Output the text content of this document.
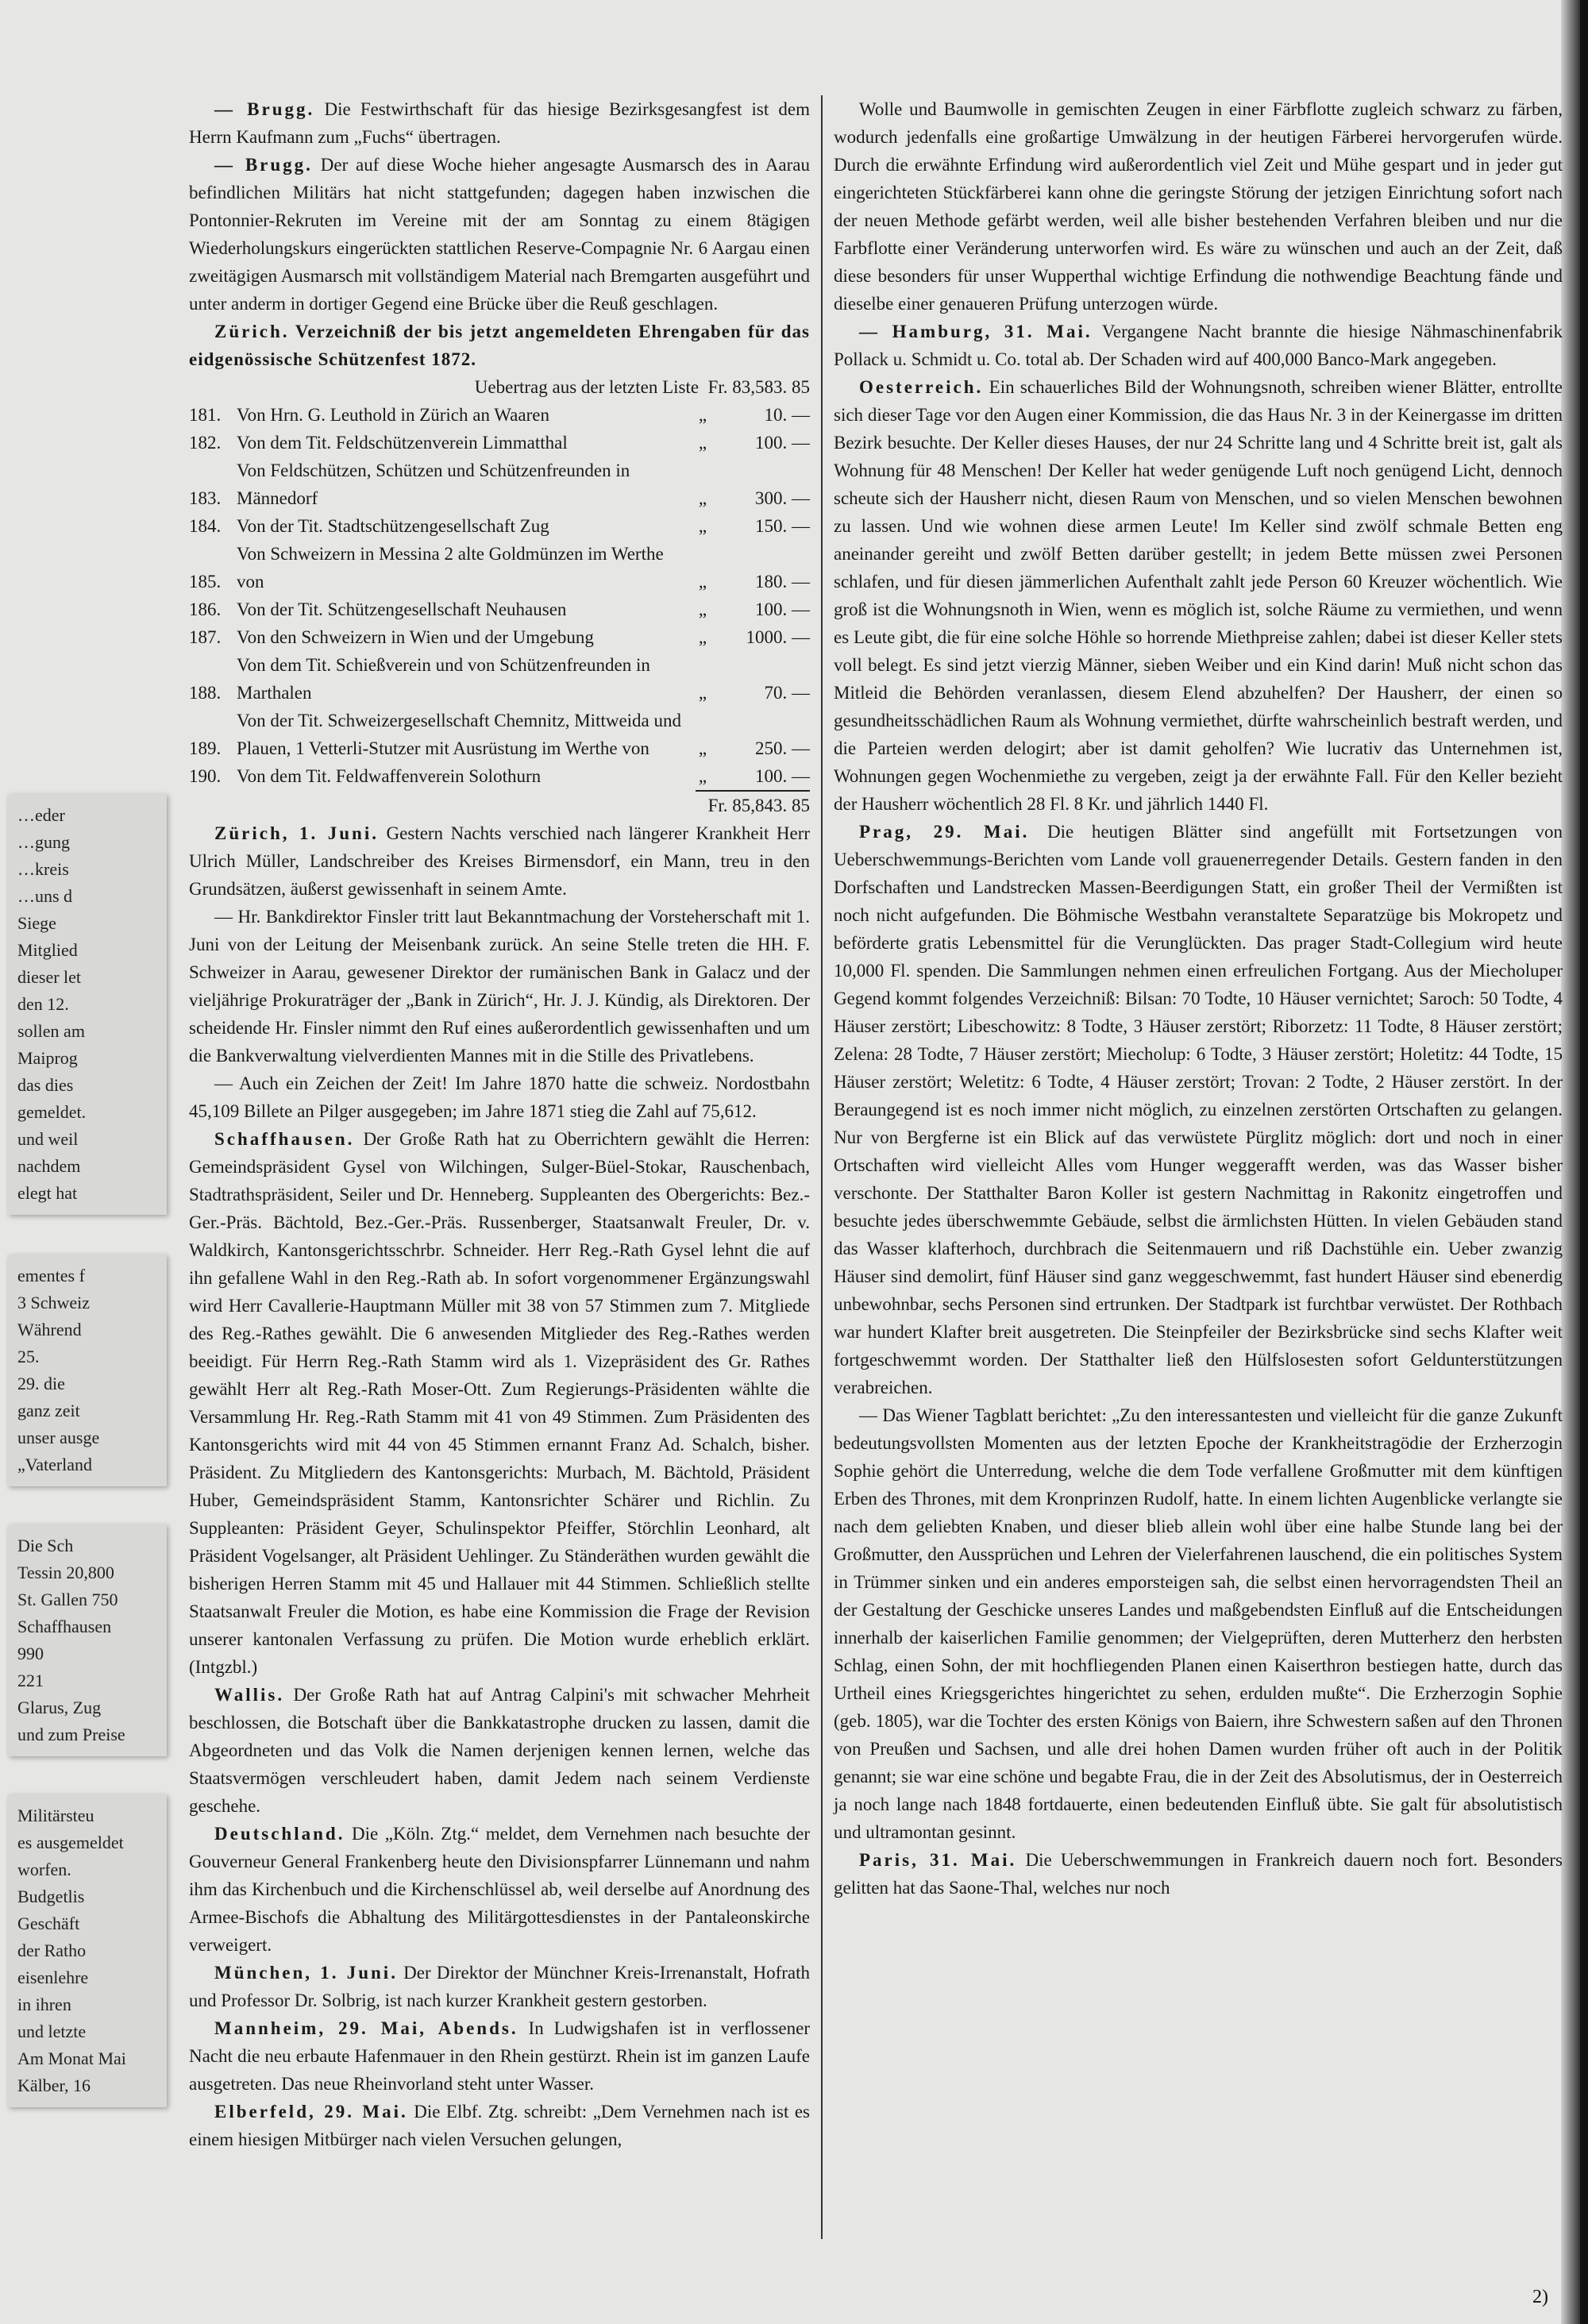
— Brugg. Die Festwirthschaft für das hiesige Bezirksgesangfest ist dem Herrn Kaufmann zum „Fuchs“ übertragen.

— Brugg. Der auf diese Woche hieher angesagte Ausmarsch des in Aarau befindlichen Militärs hat nicht stattgefunden; dagegen haben inzwischen die Pontonnier-Rekruten im Vereine mit der am Sonntag zu einem 8tägigen Wiederholungskurs eingerückten stattlichen Reserve-Compagnie Nr. 6 Aargau einen zweitägigen Ausmarsch mit vollständigem Material nach Bremgarten ausgeführt und unter anderm in dortiger Gegend eine Brücke über die Reuß geschlagen.

Zürich. Verzeichniß der bis jetzt angemeldeten Ehrengaben für das eidgenössische Schützenfest 1872.

Uebertrag aus der letzten Liste Fr. 83,583. 85
181. Von Hrn. G. Leuthold in Zürich an Waaren	„	10. —
182. Von dem Tit. Feldschützenverein Limmatthal	„	100. —
183.
Von Feldschützen, Schützen und Schützenfreunden in Männedorf	„	300. —
184. Von der Tit. Stadtschützengesellschaft Zug	„	150. —
185.
Von Schweizern in Messina 2 alte Goldmünzen im Werthe von	„	180. —
186. Von der Tit. Schützengesellschaft Neuhausen	„	100. —
187. Von den Schweizern in Wien und der Umgebung	„	1000. —
188.
Von dem Tit. Schießverein und von Schützenfreunden in Marthalen	„	70. —
189.
Von der Tit. Schweizergesellschaft Chemnitz, Mittweida und Plauen, 1 Vetterli-Stutzer mit Ausrüstung im Werthe von	„	250. —
190. Von dem Tit. Feldwaffenverein Solothurn	„	100. —
Fr. 85,843. 85

Zürich, 1. Juni. Gestern Nachts verschied nach längerer Krankheit Herr Ulrich Müller, Landschreiber des Kreises Birmensdorf, ein Mann, treu in den Grundsätzen, äußerst gewissenhaft in seinem Amte.

— Hr. Bankdirektor Finsler tritt laut Bekanntmachung der Vorsteherschaft mit 1. Juni von der Leitung der Meisenbank zurück. An seine Stelle treten die HH. F. Schweizer in Aarau, gewesener Direktor der rumänischen Bank in Galacz und der vieljährige Prokuraträger der „Bank in Zürich“, Hr. J. J. Kündig, als Direktoren. Der scheidende Hr. Finsler nimmt den Ruf eines außerordentlich gewissenhaften und um die Bankverwaltung vielverdienten Mannes mit in die Stille des Privatlebens.

— Auch ein Zeichen der Zeit! Im Jahre 1870 hatte die schweiz. Nordostbahn 45,109 Billete an Pilger ausgegeben; im Jahre 1871 stieg die Zahl auf 75,612.

Schaffhausen. Der Große Rath hat zu Oberrichtern gewählt die Herren: Gemeindspräsident Gysel von Wilchingen, Sulger-Büel-Stokar, Rauschenbach, Stadtrathspräsident, Seiler und Dr. Henneberg. Suppleanten des Obergerichts: Bez.-Ger.-Präs. Bächtold, Bez.-Ger.-Präs. Russenberger, Staatsanwalt Freuler, Dr. v. Waldkirch, Kantonsgerichtsschrbr. Schneider. Herr Reg.-Rath Gysel lehnt die auf ihn gefallene Wahl in den Reg.-Rath ab. In sofort vorgenommener Ergänzungswahl wird Herr Cavallerie-Hauptmann Müller mit 38 von 57 Stimmen zum 7. Mitgliede des Reg.-Rathes gewählt. Die 6 anwesenden Mitglieder des Reg.-Rathes werden beeidigt. Für Herrn Reg.-Rath Stamm wird als 1. Vizepräsident des Gr. Rathes gewählt Herr alt Reg.-Rath Moser-Ott. Zum Regierungs-Präsidenten wählte die Versammlung Hr. Reg.-Rath Stamm mit 41 von 49 Stimmen. Zum Präsidenten des Kantonsgerichts wird mit 44 von 45 Stimmen ernannt Franz Ad. Schalch, bisher. Präsident. Zu Mitgliedern des Kantonsgerichts: Murbach, M. Bächtold, Präsident Huber, Gemeindspräsident Stamm, Kantonsrichter Schärer und Richlin. Zu Suppleanten: Präsident Geyer, Schulinspektor Pfeiffer, Störchlin Leonhard, alt Präsident Vogelsanger, alt Präsident Uehlinger. Zu Ständeräthen wurden gewählt die bisherigen Herren Stamm mit 45 und Hallauer mit 44 Stimmen. Schließlich stellte Staatsanwalt Freuler die Motion, es habe eine Kommission die Frage der Revision unserer kantonalen Verfassung zu prüfen. Die Motion wurde erheblich erklärt. (Intgzbl.)

Wallis. Der Große Rath hat auf Antrag Calpini's mit schwacher Mehrheit beschlossen, die Botschaft über die Bankkatastrophe drucken zu lassen, damit die Abgeordneten und das Volk die Namen derjenigen kennen lernen, welche das Staatsvermögen verschleudert haben, damit Jedem nach seinem Verdienste geschehe.

Deutschland. Die „Köln. Ztg.“ meldet, dem Vernehmen nach besuchte der Gouverneur General Frankenberg heute den Divisionspfarrer Lünnemann und nahm ihm das Kirchenbuch und die Kirchenschlüssel ab, weil derselbe auf Anordnung des Armee-Bischofs die Abhaltung des Militärgottesdienstes in der Pantaleonskirche verweigert.

München, 1. Juni. Der Direktor der Münchner Kreis-Irrenanstalt, Hofrath und Professor Dr. Solbrig, ist nach kurzer Krankheit gestern gestorben.

Mannheim, 29. Mai, Abends. In Ludwigshafen ist in verflossener Nacht die neu erbaute Hafenmauer in den Rhein gestürzt. Rhein ist im ganzen Laufe ausgetreten. Das neue Rheinvorland steht unter Wasser.

Elberfeld, 29. Mai. Die Elbf. Ztg. schreibt: „Dem Vernehmen nach ist es einem hiesigen Mitbürger nach vielen Versuchen gelungen,

Wolle und Baumwolle in gemischten Zeugen in einer Färbflotte zugleich schwarz zu färben, wodurch jedenfalls eine großartige Umwälzung in der heutigen Färberei hervorgerufen würde. Durch die erwähnte Erfindung wird außerordentlich viel Zeit und Mühe gespart und in jeder gut eingerichteten Stückfärberei kann ohne die geringste Störung der jetzigen Einrichtung sofort nach der neuen Methode gefärbt werden, weil alle bisher bestehenden Verfahren bleiben und nur die Farbflotte einer Veränderung unterworfen wird. Es wäre zu wünschen und auch an der Zeit, daß diese besonders für unser Wupperthal wichtige Erfindung die nothwendige Beachtung fände und dieselbe einer genaueren Prüfung unterzogen würde.

— Hamburg, 31. Mai. Vergangene Nacht brannte die hiesige Nähmaschinenfabrik Pollack u. Schmidt u. Co. total ab. Der Schaden wird auf 400,000 Banco-Mark angegeben.

Oesterreich. Ein schauerliches Bild der Wohnungsnoth, schreiben wiener Blätter, entrollte sich dieser Tage vor den Augen einer Kommission, die das Haus Nr. 3 in der Keinergasse im dritten Bezirk besuchte. Der Keller dieses Hauses, der nur 24 Schritte lang und 4 Schritte breit ist, galt als Wohnung für 48 Menschen! Der Keller hat weder genügende Luft noch genügend Licht, dennoch scheute sich der Hausherr nicht, diesen Raum von Menschen, und so vielen Menschen bewohnen zu lassen. Und wie wohnen diese armen Leute! Im Keller sind zwölf schmale Betten eng aneinander gereiht und zwölf Betten darüber gestellt; in jedem Bette müssen zwei Personen schlafen, und für diesen jämmerlichen Aufenthalt zahlt jede Person 60 Kreuzer wöchentlich. Wie groß ist die Wohnungsnoth in Wien, wenn es möglich ist, solche Räume zu vermiethen, und wenn es Leute gibt, die für eine solche Höhle so horrende Miethpreise zahlen; dabei ist dieser Keller stets voll belegt. Es sind jetzt vierzig Männer, sieben Weiber und ein Kind darin! Muß nicht schon das Mitleid die Behörden veranlassen, diesem Elend abzuhelfen? Der Hausherr, der einen so gesundheitsschädlichen Raum als Wohnung vermiethet, dürfte wahrscheinlich bestraft werden, und die Parteien werden delogirt; aber ist damit geholfen? Wie lucrativ das Unternehmen ist, Wohnungen gegen Wochenmiethe zu vergeben, zeigt ja der erwähnte Fall. Für den Keller bezieht der Hausherr wöchentlich 28 Fl. 8 Kr. und jährlich 1440 Fl.

Prag, 29. Mai. Die heutigen Blätter sind angefüllt mit Fortsetzungen von Ueberschwemmungs-Berichten vom Lande voll grauenerregender Details. Gestern fanden in den Dorfschaften und Landstrecken Massen-Beerdigungen Statt, ein großer Theil der Vermißten ist noch nicht aufgefunden. Die Böhmische Westbahn veranstaltete Separatzüge bis Mokropetz und beförderte gratis Lebensmittel für die Verunglückten. Das prager Stadt-Collegium wird heute 10,000 Fl. spenden. Die Sammlungen nehmen einen erfreulichen Fortgang. Aus der Miecholuper Gegend kommt folgendes Verzeichniß: Bilsan: 70 Todte, 10 Häuser vernichtet; Saroch: 50 Todte, 4 Häuser zerstört; Libeschowitz: 8 Todte, 3 Häuser zerstört; Riborzetz: 11 Todte, 8 Häuser zerstört; Zelena: 28 Todte, 7 Häuser zerstört; Miecholup: 6 Todte, 3 Häuser zerstört; Holetitz: 44 Todte, 15 Häuser zerstört; Weletitz: 6 Todte, 4 Häuser zerstört; Trovan: 2 Todte, 2 Häuser zerstört. In der Beraungegend ist es noch immer nicht möglich, zu einzelnen zerstörten Ortschaften zu gelangen. Nur von Bergferne ist ein Blick auf das verwüstete Pürglitz möglich: dort und noch in einer Ortschaften wird vielleicht Alles vom Hunger weggerafft werden, was das Wasser bisher verschonte. Der Statthalter Baron Koller ist gestern Nachmittag in Rakonitz eingetroffen und besuchte jedes überschwemmte Gebäude, selbst die ärmlichsten Hütten. In vielen Gebäuden stand das Wasser klafterhoch, durchbrach die Seitenmauern und riß Dachstühle ein. Ueber zwanzig Häuser sind demolirt, fünf Häuser sind ganz weggeschwemmt, fast hundert Häuser sind ebenerdig unbewohnbar, sechs Personen sind ertrunken. Der Stadtpark ist furchtbar verwüstet. Der Rothbach war hundert Klafter breit ausgetreten. Die Steinpfeiler der Bezirksbrücke sind sechs Klafter weit fortgeschwemmt worden. Der Statthalter ließ den Hülfslosesten sofort Geldunterstützungen verabreichen.

— Das Wiener Tagblatt berichtet: „Zu den interessantesten und vielleicht für die ganze Zukunft bedeutungsvollsten Momenten aus der letzten Epoche der Krankheitstragödie der Erzherzogin Sophie gehört die Unterredung, welche die dem Tode verfallene Großmutter mit dem künftigen Erben des Thrones, mit dem Kronprinzen Rudolf, hatte. In einem lichten Augenblicke verlangte sie nach dem geliebten Knaben, und dieser blieb allein wohl über eine halbe Stunde lang bei der Großmutter, den Aussprüchen und Lehren der Vielerfahrenen lauschend, die ein politisches System in Trümmer sinken und ein anderes emporsteigen sah, die selbst einen hervorragendsten Theil an der Gestaltung der Geschicke unseres Landes und maßgebendsten Einfluß auf die Entscheidungen innerhalb der kaiserlichen Familie genommen; der Vielgeprüften, deren Mutterherz den herbsten Schlag, einen Sohn, der mit hochfliegenden Planen einen Kaiserthron bestiegen hatte, durch das Urtheil eines Kriegsgerichtes hingerichtet zu sehen, erdulden mußte“. Die Erzherzogin Sophie (geb. 1805), war die Tochter des ersten Königs von Baiern, ihre Schwestern saßen auf den Thronen von Preußen und Sachsen, und alle drei hohen Damen wurden früher oft auch in der Politik genannt; sie war eine schöne und begabte Frau, die in der Zeit des Absolutismus, der in Oesterreich ja noch lange nach 1848 fortdauerte, einen bedeutenden Einfluß übte. Sie galt für absolutistisch und ultramontan gesinnt.

Paris, 31. Mai. Die Ueberschwemmungen in Frankreich dauern noch fort. Besonders gelitten hat das Saone-Thal, welches nur noch

…eder
…gung
…kreis
…uns d
Siege
Mitglied
dieser let
den 12.
sollen am
Maiprog
das dies
gemeldet.
und weil
nachdem
elegt hat
ementes f
3 Schweiz
Während
25.
29. die
ganz zeit
unser ausge
„Vaterland
Die Sch
Tessin 20,800
St. Gallen 750
Schaffhausen
990
221
Glarus, Zug
und zum Preise
Militärsteu
es ausgemeldet
worfen.
Budgetlis
Geschäft
der Ratho
eisenlehre
in ihren
und letzte
Am Monat Mai
Kälber, 16
2)
